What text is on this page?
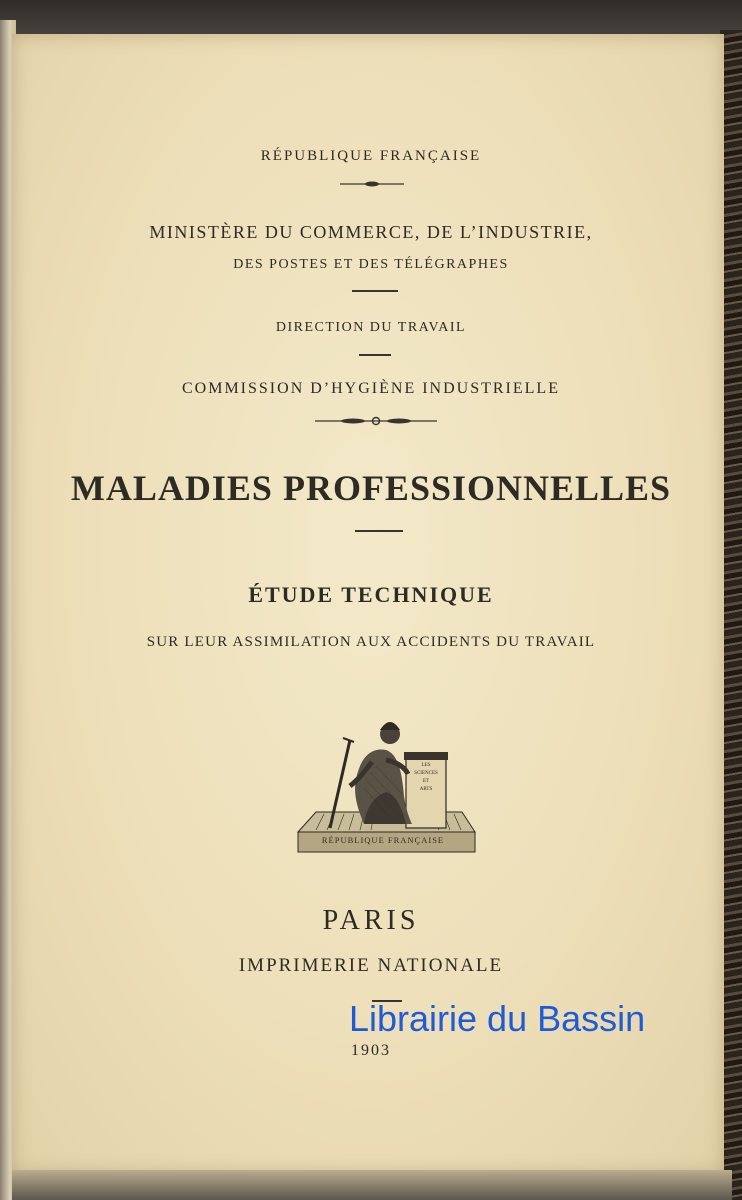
RÉPUBLIQUE FRANÇAISE
MINISTÈRE DU COMMERCE, DE L’INDUSTRIE,
DES POSTES ET DES TÉLÉGRAPHES
DIRECTION DU TRAVAIL
COMMISSION D’HYGIÈNE INDUSTRIELLE
MALADIES PROFESSIONNELLES
ÉTUDE TECHNIQUE
SUR LEUR ASSIMILATION AUX ACCIDENTS DU TRAVAIL
RÉPUBLIQUE FRANÇAISE
LES
SCIENCES
ET
ARTS
PARIS
IMPRIMERIE NATIONALE
1903
Librairie du Bassin
